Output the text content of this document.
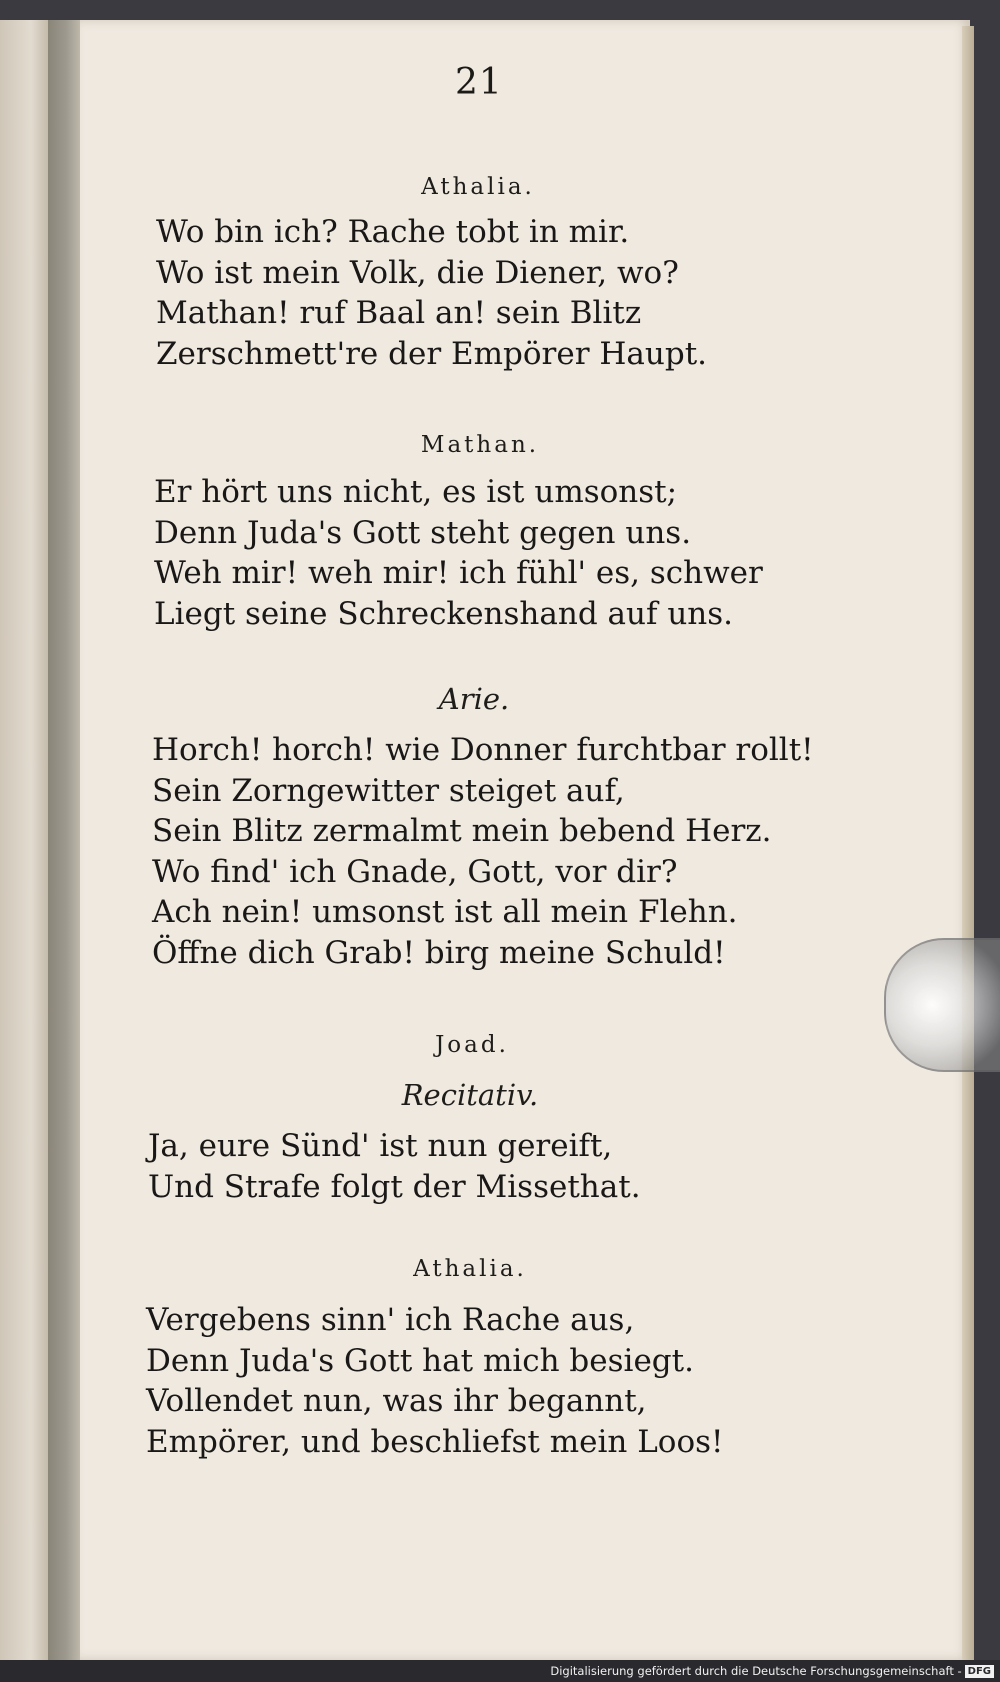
21
Athalia.
Wo bin ich? Rache tobt in mir.
Wo ist mein Volk, die Diener, wo?
Mathan! ruf Baal an! sein Blitz
Zerschmett're der Empörer Haupt.
Mathan.
Er hört uns nicht, es ist umsonst;
Denn Juda's Gott steht gegen uns.
Weh mir! weh mir! ich fühl' es, schwer
Liegt seine Schreckenshand auf uns.
Arie.
Horch! horch! wie Donner furchtbar rollt!
Sein Zorngewitter steiget auf,
Sein Blitz zermalmt mein bebend Herz.
Wo find' ich Gnade, Gott, vor dir?
Ach nein! umsonst ist all mein Flehn.
Öffne dich Grab! birg meine Schuld!
Joad.
Recitativ.
Ja, eure Sünd' ist nun gereift,
Und Strafe folgt der Missethat.
Athalia.
Vergebens sinn' ich Rache aus,
Denn Juda's Gott hat mich besiegt.
Vollendet nun, was ihr begannt,
Empörer, und beschliefst mein Loos!
Digitalisierung gefördert durch die Deutsche Forschungsgemeinschaft - DFG
